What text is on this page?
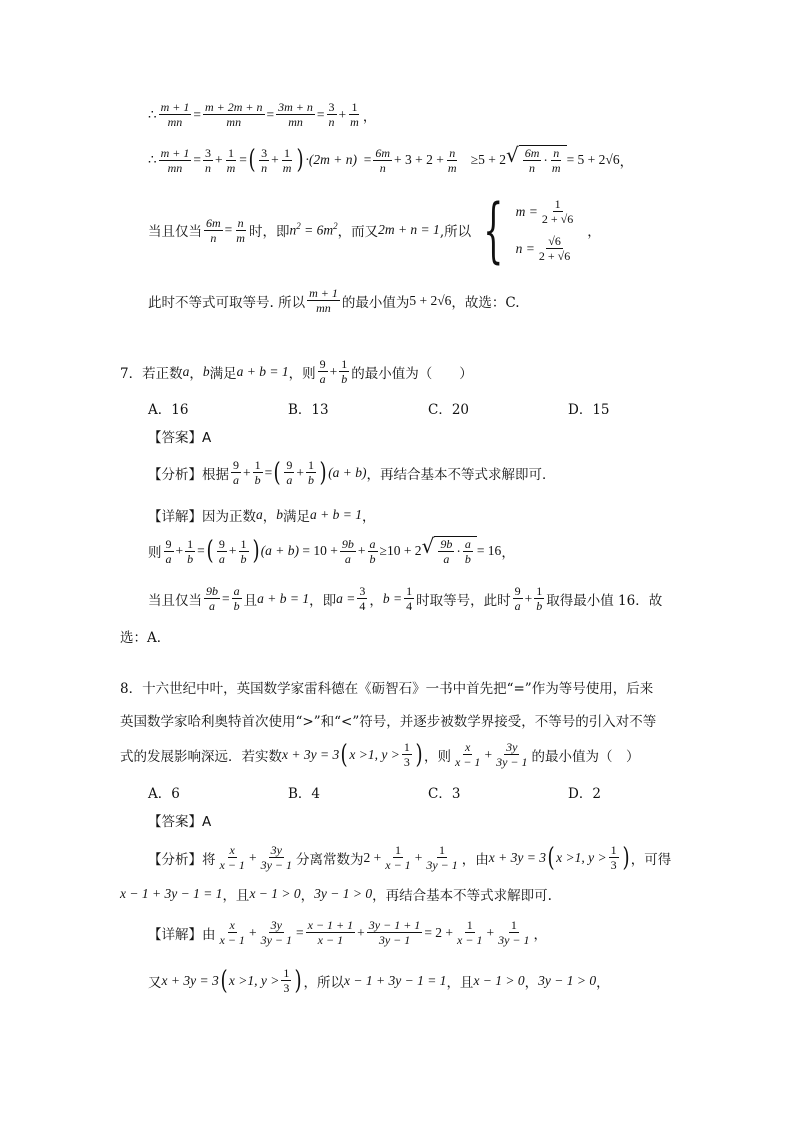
∴ $\frac{m + 1}{mn} = \frac{m + 2m + n}{mn} = \frac{3m + n}{mn} = \frac{3}{n} + \frac{1}{m}$ ，
∴ $\frac{m + 1}{mn} = \frac{3}{n} + \frac{1}{m}$ = ( $\frac{3}{n} + \frac{1}{m}$ ) $\cdot(2m + n) = \frac{6m}{n} + 3 + 2 + \frac{n}{m} \ge 5 + 2$ √ $\frac{6m}{n} \cdot \frac{n}{m} = 5 + 2√6$ ，
当且仅当 $\frac{6m}{n} = \frac{n}{m}$ 时，即 $n^2 = 6m^2$ ，而又 2m + n = 1 ,所以 { $m = \frac{1}{2 + √6}$
$n = \frac{√6}{2 + √6}$
，
此时不等式可取等号. 所以 $\frac{m + 1}{mn}$ 的最小值为 5 + 2√6 ，故选：C.
7．若正数 a ， b 满足 a + b = 1 ，则 $\frac{9}{a} + \frac{1}{b}$ 的最小值为（　　）
A．16	B．13	C．20	D．15
【答案】A
【分析】根据 $\frac{9}{a} + \frac{1}{b}$ = ( $\frac{9}{a} + \frac{1}{b}$ ) (a + b) ，再结合基本不等式求解即可．
【详解】因为正数 a ， b 满足 a + b = 1 ，
则 $\frac{9}{a} + \frac{1}{b}$ = ( $\frac{9}{a} + \frac{1}{b}$ ) $(a + b) = 10 + \frac{9b}{a} + \frac{a}{b} \ge 10 + 2$ √ $\frac{9b}{a} \cdot \frac{a}{b} = 16$ ，
当且仅当 $\frac{9b}{a} = \frac{a}{b}$ 且 a + b = 1 ，即 $a = \frac{3}{4}$ ， $b = \frac{1}{4}$ 时取等号，此时 $\frac{9}{a} + \frac{1}{b}$ 取得最小值 16．故
选：A．
8．十六世纪中叶，英国数学家雷科德在《砺智石》一书中首先把“=”作为等号使用，后来
英国数学家哈利奥特首次使用“>”和“<”符号，并逐步被数学界接受，不等号的引入对不等
式的发展影响深远．若实数 x + 3y = 3 ( x >1, $y > \frac{1}{3}$ ) ，则 $\frac{x}{x - 1} + \frac{3y}{3y - 1}$ 的最小值为（　）
A．6	B．4	C．3	D．2
【答案】A
【分析】将 $\frac{x}{x - 1} + \frac{3y}{3y - 1}$ 分离常数为 $2 + \frac{1}{x - 1} + \frac{1}{3y - 1}$ ，由 x + 3y = 3 ( x >1, $y > \frac{1}{3}$ ) ，可得
x − 1 + 3y − 1 = 1 ，且 x − 1 > 0 ， 3y − 1 > 0 ，再结合基本不等式求解即可.
【详解】由 $\frac{x}{x - 1} + \frac{3y}{3y - 1} = \frac{x - 1 + 1}{x - 1} + \frac{3y - 1 + 1}{3y - 1} = 2 + \frac{1}{x - 1} + \frac{1}{3y - 1}$ ，
又 x + 3y = 3 ( x >1, $y > \frac{1}{3}$ ) ，所以 x − 1 + 3y − 1 = 1 ，且 x − 1 > 0 ， 3y − 1 > 0 ，
